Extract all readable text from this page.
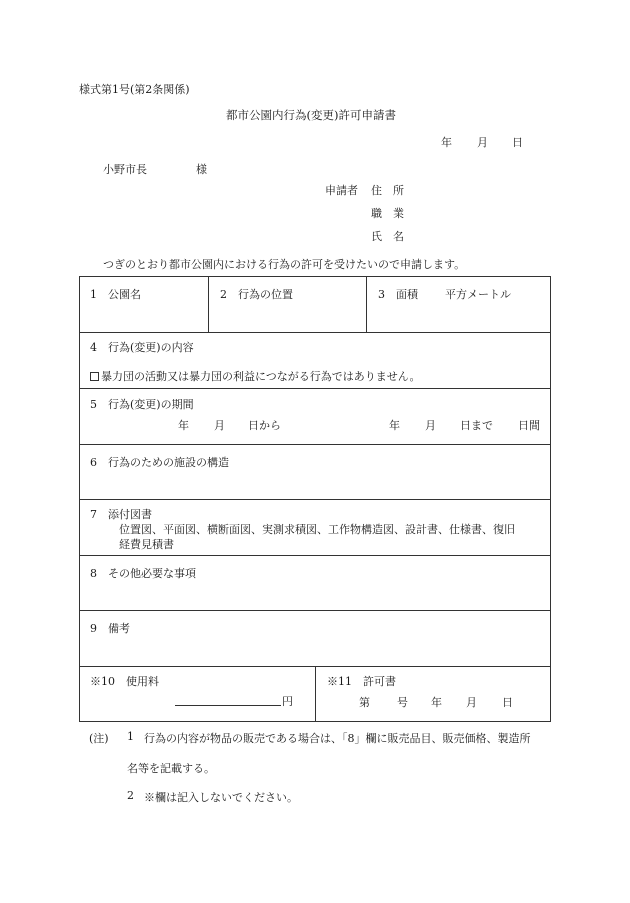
様式第1号(第2条関係)
都市公園内行為(変更)許可申請書
年 月 日
小野市長	様
申請者 住　所
職　業
氏　名
つぎのとおり都市公園内における行為の許可を受けたいので申請します。
1　公園名	2　行為の位置	3　面積 平方メートル
4　行為(変更)の内容
暴力団の活動又は暴力団の利益につながる行為ではありません。
5　行為(変更)の期間
年 月 日から	年 月 日まで 日間
6　行為のための施設の構造
7　添付図書
位置図、平面図、横断面図、実測求積図、工作物構造図、設計書、仕様書、復旧
経費見積書
8　その他必要な事項
9　備考
※10　使用料
円
※11　許可書
第 号 年 月 日
(注) 1 行為の内容が物品の販売である場合は、「8」欄に販売品目、販売価格、製造所
名等を記載する。
2 ※欄は記入しないでください。
